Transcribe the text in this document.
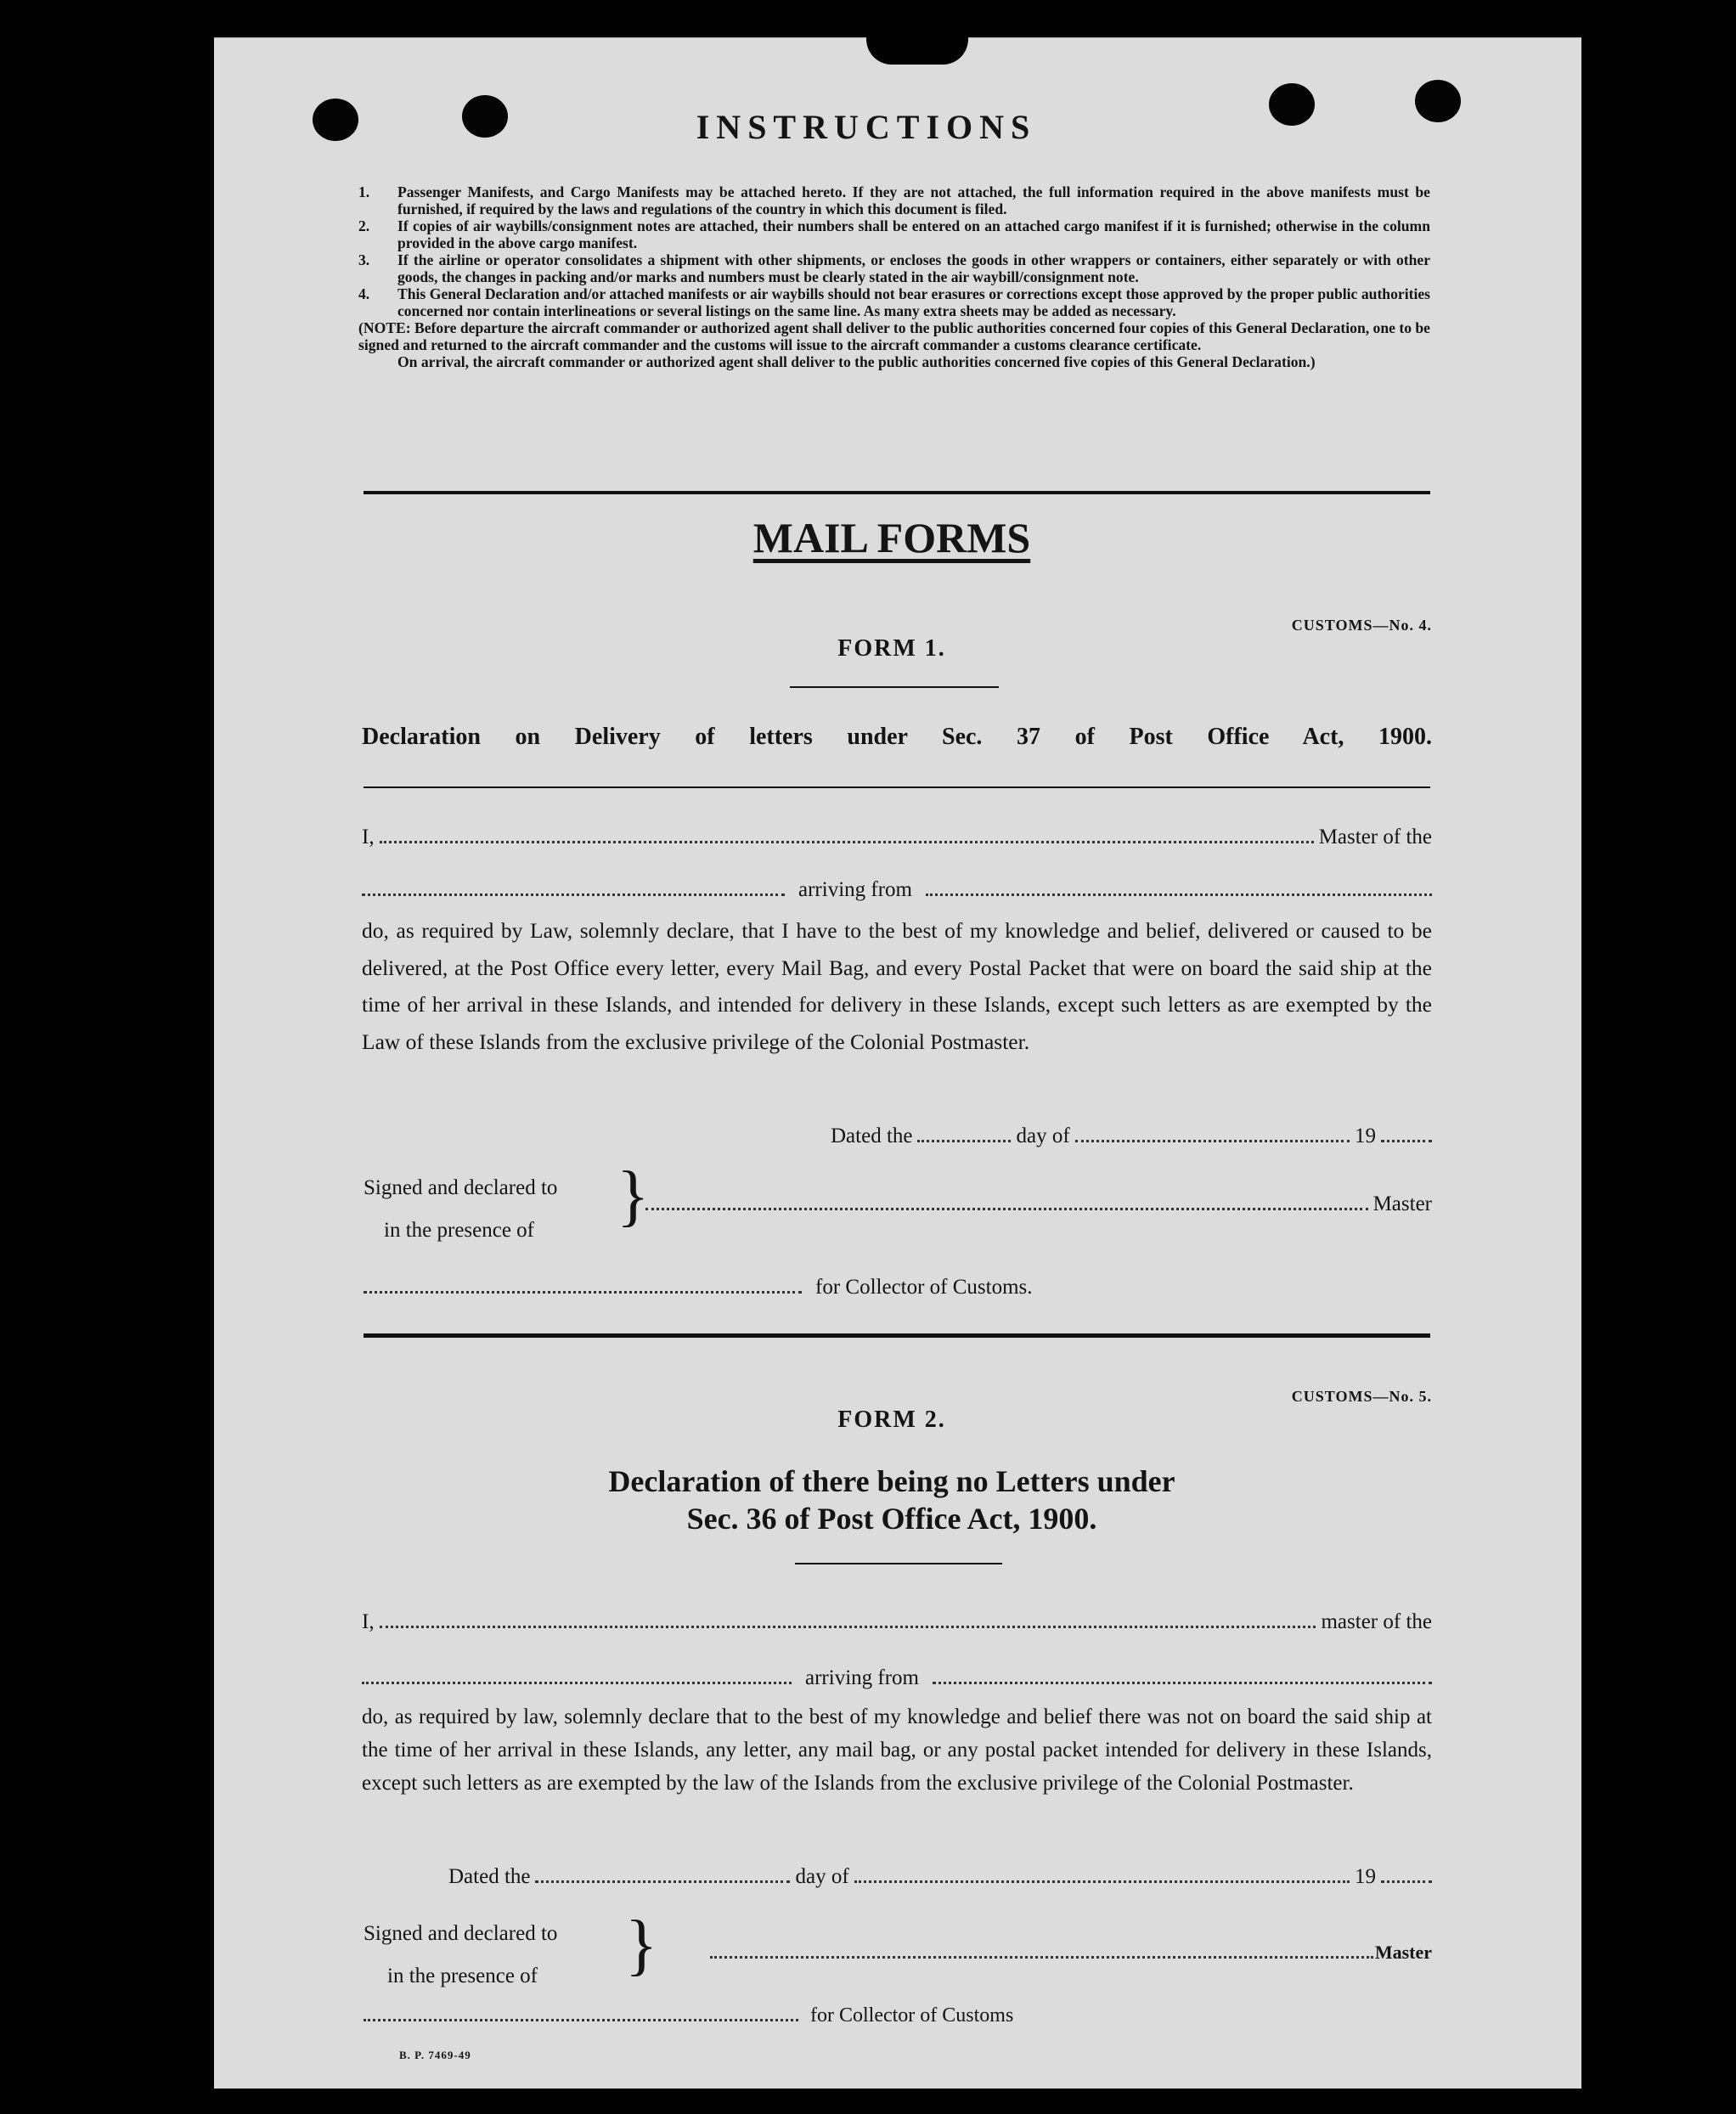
INSTRUCTIONS
1. Passenger Manifests, and Cargo Manifests may be attached hereto. If they are not attached, the full information required in the above manifests must be furnished, if required by the laws and regulations of the country in which this document is filed.
2. If copies of air waybills/consignment notes are attached, their numbers shall be entered on an attached cargo manifest if it is furnished; otherwise in the column provided in the above cargo manifest.
3. If the airline or operator consolidates a shipment with other shipments, or encloses the goods in other wrappers or containers, either separately or with other goods, the changes in packing and/or marks and numbers must be clearly stated in the air waybill/consignment note.
4. This General Declaration and/or attached manifests or air waybills should not bear erasures or corrections except those approved by the proper public authorities concerned nor contain interlineations or several listings on the same line. As many extra sheets may be added as necessary.
(NOTE: Before departure the aircraft commander or authorized agent shall deliver to the public authorities concerned four copies of this General Declaration, one to be signed and returned to the aircraft commander and the customs will issue to the aircraft commander a customs clearance certificate.
On arrival, the aircraft commander or authorized agent shall deliver to the public authorities concerned five copies of this General Declaration.)
MAIL FORMS
CUSTOMS—No. 4.
FORM 1.
Declaration on Delivery of letters under Sec. 37 of Post Office Act, 1900.
I,	Master of the
arriving from
do, as required by Law, solemnly declare, that I have to the best of my knowledge and belief, delivered or caused to be delivered, at the Post Office every letter, every Mail Bag, and every Postal Packet that were on board the said ship at the time of her arrival in these Islands, and intended for delivery in these Islands, except such letters as are exempted by the Law of these Islands from the exclusive privilege of the Colonial Postmaster.
Dated the	day of	19
Signed and declared to
in the presence of	}	Master
for Collector of Customs.
CUSTOMS—No. 5.
FORM 2.
Declaration of there being no Letters under
Sec. 36 of Post Office Act, 1900.
I,	master of the
arriving from
do, as required by law, solemnly declare that to the best of my knowledge and belief there was not on board the said ship at the time of her arrival in these Islands, any letter, any mail bag, or any postal packet intended for delivery in these Islands, except such letters as are exempted by the law of the Islands from the exclusive privilege of the Colonial Postmaster.
Dated the	day of	19
Signed and declared to
in the presence of }	Master
for Collector of Customs
B. P. 7469-49
